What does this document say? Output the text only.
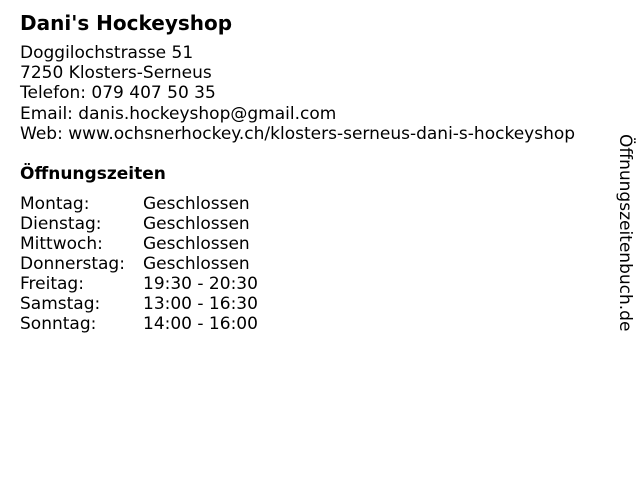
Dani's Hockeyshop
Doggilochstrasse 51
7250 Klosters-Serneus
Telefon: 079 407 50 35
Email: danis.hockeyshop@gmail.com
Web: www.ochsnerhockey.ch/klosters-serneus-dani-s-hockeyshop
Öffnungszeiten
Montag:	Geschlossen
Dienstag:	Geschlossen
Mittwoch:	Geschlossen
Donnerstag:	Geschlossen
Freitag:	19:30 - 20:30
Samstag:	13:00 - 16:30
Sonntag:	14:00 - 16:00	Öffnungszeitenbuch.de
